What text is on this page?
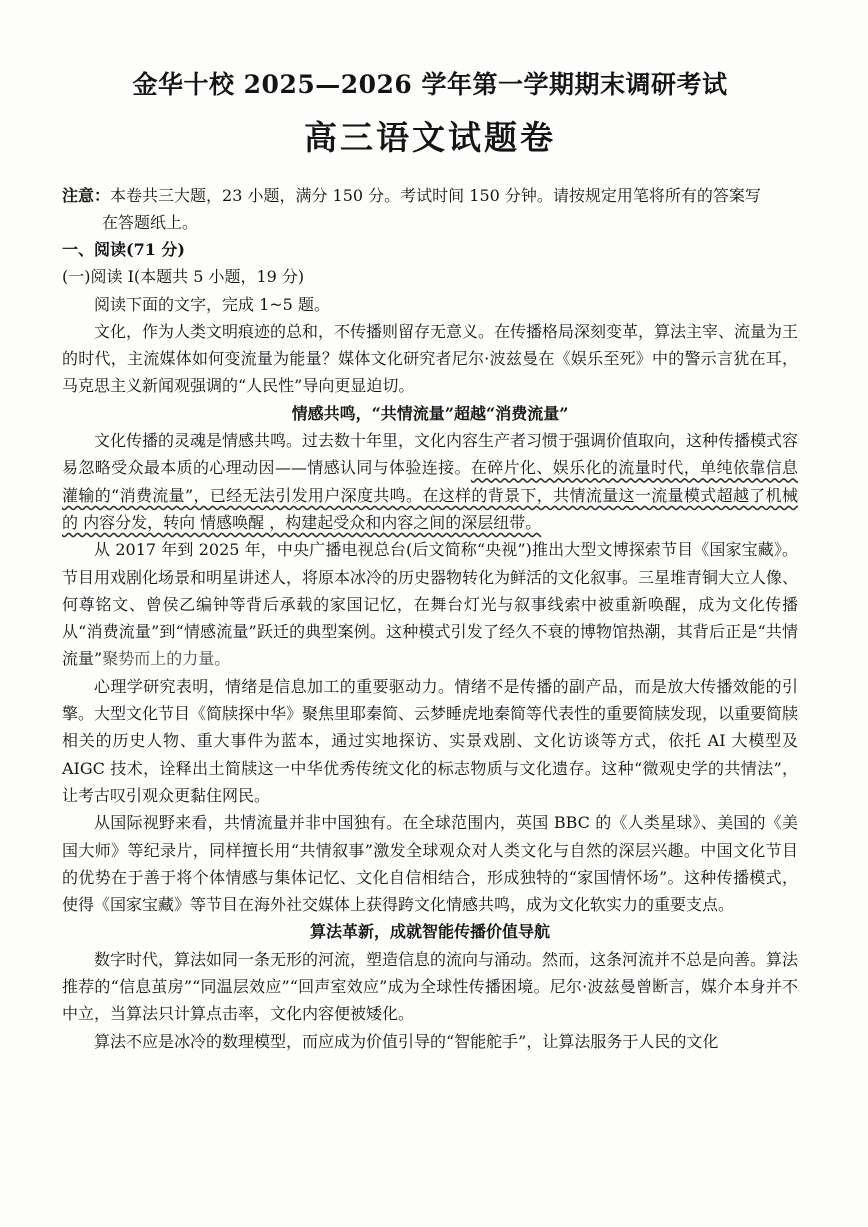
金华十校 2025—2026 学年第一学期期末调研考试
高三语文试题卷
注意：本卷共三大题，23 小题，满分 150 分。考试时间 150 分钟。请按规定用笔将所有的答案写
在答题纸上。
一、阅读(71 分)
(一)阅读 Ⅰ(本题共 5 小题，19 分)

阅读下面的文字，完成 1~5 题。

文化，作为人类文明痕迹的总和，不传播则留存无意义。在传播格局深刻变革，算法主宰、流量为王的时代，主流媒体如何变流量为能量？媒体文化研究者尼尔·波兹曼在《娱乐至死》中的警示言犹在耳，马克思主义新闻观强调的“人民性”导向更显迫切。

情感共鸣，“共情流量”超越“消费流量”

文化传播的灵魂是情感共鸣。过去数十年里，文化内容生产者习惯于强调价值取向，这种传播模式容易忽略受众最本质的心理动因——情感认同与体验连接。在碎片化、娱乐化的流量时代，单纯依靠信息灌输的“消费流量”，已经无法引发用户深度共鸣。在这样的背景下，共情流量这一流量模式超越了机械的 内容分发，转向 情感唤醒 ，构建起受众和内容之间的深层纽带。

从 2017 年到 2025 年，中央广播电视总台(后文简称“央视”)推出大型文博探索节目《国家宝藏》。节目用戏剧化场景和明星讲述人，将原本冰冷的历史器物转化为鲜活的文化叙事。三星堆青铜大立人像、何尊铭文、曾侯乙编钟等背后承载的家国记忆，在舞台灯光与叙事线索中被重新唤醒，成为文化传播从“消费流量”到“情感流量”跃迁的典型案例。这种模式引发了经久不衰的博物馆热潮，其背后正是“共情流量”聚势而上的力量。

心理学研究表明，情绪是信息加工的重要驱动力。情绪不是传播的副产品，而是放大传播效能的引擎。大型文化节目《简牍探中华》聚焦里耶秦简、云梦睡虎地秦简等代表性的重要简牍发现，以重要简牍相关的历史人物、重大事件为蓝本，通过实地探访、实景戏剧、文化访谈等方式，依托 AI 大模型及 AIGC 技术，诠释出土简牍这一中华优秀传统文化的标志物质与文化遗存。这种“微观史学的共情法”，让考古叹引观众更黏住网民。

从国际视野来看，共情流量并非中国独有。在全球范围内，英国 BBC 的《人类星球》、美国的《美国大师》等纪录片，同样擅长用“共情叙事”激发全球观众对人类文化与自然的深层兴趣。中国文化节目的优势在于善于将个体情感与集体记忆、文化自信相结合，形成独特的“家国情怀场”。这种传播模式，使得《国家宝藏》等节目在海外社交媒体上获得跨文化情感共鸣，成为文化软实力的重要支点。

算法革新，成就智能传播价值导航

数字时代，算法如同一条无形的河流，塑造信息的流向与涌动。然而，这条河流并不总是向善。算法推荐的“信息茧房”“同温层效应”“回声室效应”成为全球性传播困境。尼尔·波兹曼曾断言，媒介本身并不中立，当算法只计算点击率，文化内容便被矮化。

算法不应是冰冷的数理模型，而应成为价值引导的“智能舵手”，让算法服务于人民的文化
